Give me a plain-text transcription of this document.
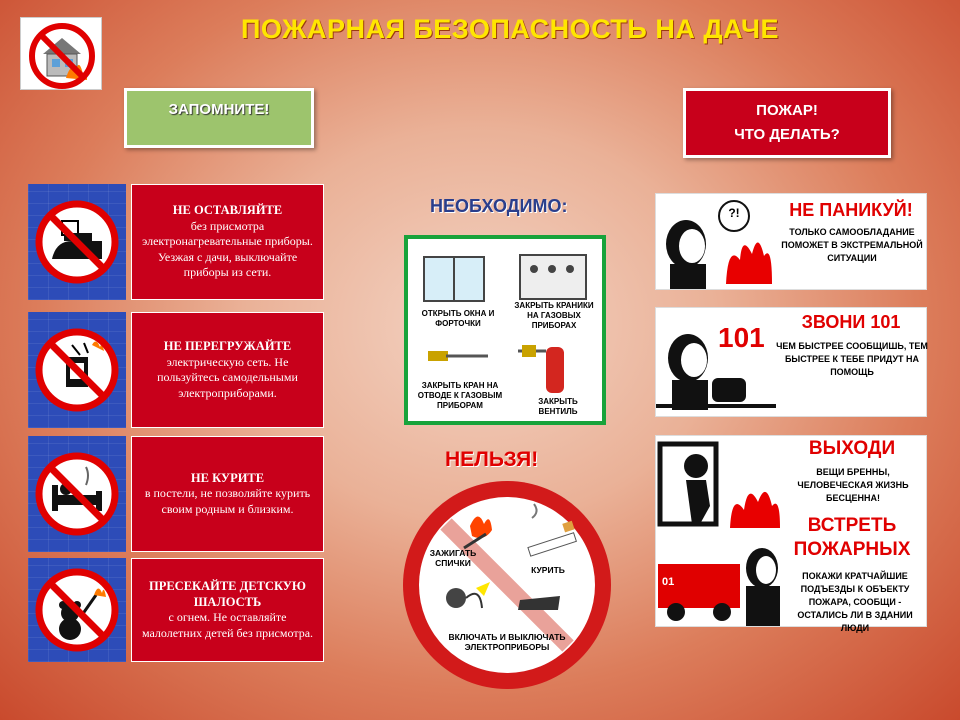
ПОЖАРНАЯ БЕЗОПАСНОСТЬ НА ДАЧЕ
ЗАПОМНИТЕ!	ПОЖАР!
ЧТО ДЕЛАТЬ?
НЕ ОСТАВЛЯЙТЕ
без присмотра электронагревательные приборы. Уезжая с дачи, выключайте приборы из сети.
НЕ ПЕРЕГРУЖАЙТЕ
электрическую сеть. Не пользуйтесь самодельными электроприборами.
НЕ КУРИТЕ
в постели, не позволяйте курить своим родным и близким.
ПРЕСЕКАЙТЕ ДЕТСКУЮ ШАЛОСТЬ
с огнем. Не оставляйте малолетних детей без присмотра.
НЕОБХОДИМО:
ОТКРЫТЬ ОКНА И ФОРТОЧКИ
ЗАКРЫТЬ КРАНИКИ НА ГАЗОВЫХ ПРИБОРАХ
ЗАКРЫТЬ КРАН НА ОТВОДЕ К ГАЗОВЫМ ПРИБОРАМ	ЗАКРЫТЬ ВЕНТИЛЬ
НЕЛЬЗЯ!
ЗАЖИГАТЬ СПИЧКИ
КУРИТЬ
ВКЛЮЧАТЬ И ВЫКЛЮЧАТЬ ЭЛЕКТРОПРИБОРЫ
?!	НЕ ПАНИКУЙ!
ТОЛЬКО САМООБЛАДАНИЕ ПОМОЖЕТ В ЭКСТРЕМАЛЬНОЙ СИТУАЦИИ
101	ЗВОНИ 101
ЧЕМ БЫСТРЕЕ СООБЩИШЬ, ТЕМ БЫСТРЕЕ К ТЕБЕ ПРИДУТ НА ПОМОЩЬ
01
ВЫХОДИ
ВЕЩИ БРЕННЫ, ЧЕЛОВЕЧЕСКАЯ ЖИЗНЬ БЕСЦЕННА!
ВСТРЕТЬ ПОЖАРНЫХ
ПОКАЖИ КРАТЧАЙШИЕ ПОДЪЕЗДЫ К ОБЪЕКТУ ПОЖАРА, СООБЩИ - ОСТАЛИСЬ ЛИ В ЗДАНИИ ЛЮДИ
